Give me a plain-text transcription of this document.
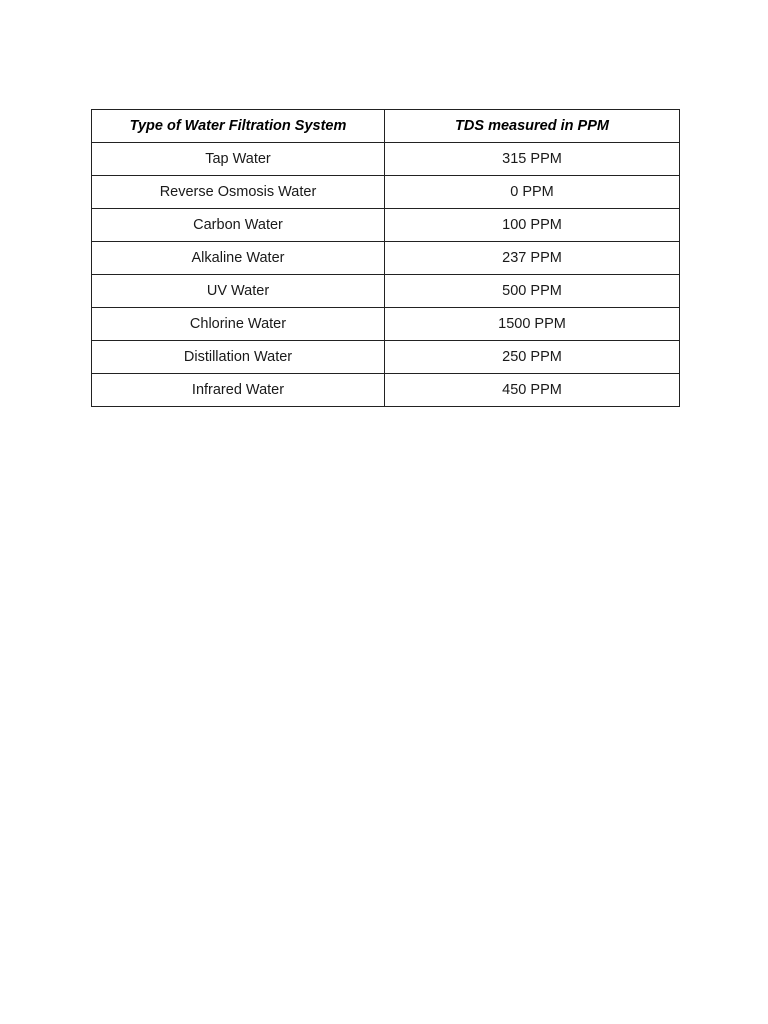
Type of Water Filtration System	TDS measured in PPM
Tap Water	315 PPM
Reverse Osmosis Water	0 PPM
Carbon Water	100 PPM
Alkaline Water	237 PPM
UV Water	500 PPM
Chlorine Water	1500 PPM
Distillation Water	250 PPM
Infrared Water	450 PPM
